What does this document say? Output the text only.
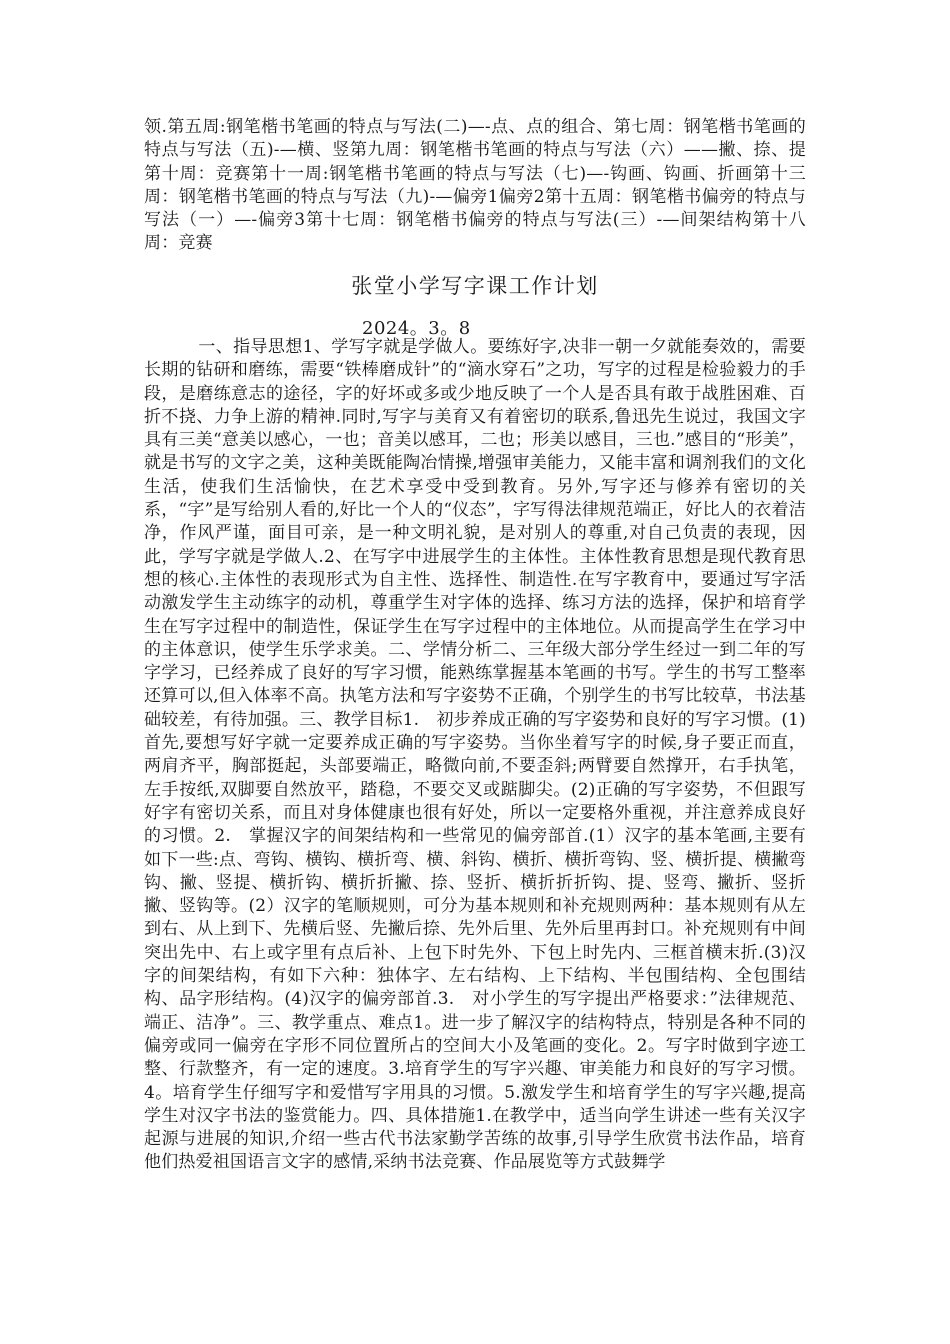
领.第五周:钢笔楷书笔画的特点与写法(二)—-点、点的组合、第七周：钢笔楷书笔画的特点与写法（五)-—横、竖第九周：钢笔楷书笔画的特点与写法（六）——撇、捺、提第十周：竞赛第十一周:钢笔楷书笔画的特点与写法（七)—-钩画、钩画、折画第十三周：钢笔楷书笔画的特点与写法（九)-—偏旁1偏旁2第十五周：钢笔楷书偏旁的特点与写法（一）—-偏旁3第十七周：钢笔楷书偏旁的特点与写法(三）-—间架结构第十八周：竞赛

张堂小学写字课工作计划

2024。3。8

一、指导思想1、学写字就是学做人。要练好字,决非一朝一夕就能奏效的，需要长期的钻研和磨练，需要“铁棒磨成针”的“滴水穿石”之功，写字的过程是检验毅力的手段，是磨练意志的途径，字的好坏或多或少地反映了一个人是否具有敢于战胜困难、百折不挠、力争上游的精神.同时,写字与美育又有着密切的联系,鲁迅先生说过，我国文字具有三美“意美以感心，一也；音美以感耳，二也；形美以感目，三也.”感目的“形美”，就是书写的文字之美，这种美既能陶冶情操,增强审美能力，又能丰富和调剂我们的文化生活，使我们生活愉快，在艺术享受中受到教育。另外,写字还与修养有密切的关系，“字”是写给别人看的,好比一个人的“仪态”，字写得法律规范端正，好比人的衣着洁净，作风严谨，面目可亲，是一种文明礼貌，是对别人的尊重,对自己负责的表现，因此，学写字就是学做人.2、在写字中进展学生的主体性。主体性教育思想是现代教育思想的核心.主体性的表现形式为自主性、选择性、制造性.在写字教育中，要通过写字活动激发学生主动练字的动机，尊重学生对字体的选择、练习方法的选择，保护和培育学生在写字过程中的制造性，保证学生在写字过程中的主体地位。从而提高学生在学习中的主体意识，使学生乐学求美。二、学情分析二、三年级大部分学生经过一到二年的写字学习，已经养成了良好的写字习惯，能熟练掌握基本笔画的书写。学生的书写工整率还算可以,但入体率不高。执笔方法和写字姿势不正确，个别学生的书写比较草，书法基础较差，有待加强。三、教学目标1.　初步养成正确的写字姿势和良好的写字习惯。(1)首先,要想写好字就一定要养成正确的写字姿势。当你坐着写字的时候,身子要正而直，两肩齐平，胸部挺起，头部要端正，略微向前,不要歪斜;两臂要自然撑开，右手执笔，左手按纸,双脚要自然放平，踏稳，不要交叉或踮脚尖。(2)正确的写字姿势，不但跟写好字有密切关系，而且对身体健康也很有好处，所以一定要格外重视，并注意养成良好的习惯。2.　掌握汉字的间架结构和一些常见的偏旁部首.(1）汉字的基本笔画,主要有如下一些:点、弯钩、横钩、横折弯、横、斜钩、横折、横折弯钩、竖、横折提、横撇弯钩、撇、竖提、横折钩、横折折撇、捺、竖折、横折折折钩、提、竖弯、撇折、竖折撇、竖钩等。(2）汉字的笔顺规则，可分为基本规则和补充规则两种：基本规则有从左到右、从上到下、先横后竖、先撇后捺、先外后里、先外后里再封口。补充规则有中间突出先中、右上或字里有点后补、上包下时先外、下包上时先内、三框首横末折.(3)汉字的间架结构，有如下六种：独体字、左右结构、上下结构、半包围结构、全包围结构、品字形结构。(4)汉字的偏旁部首.3.　对小学生的写字提出严格要求：”法律规范、端正、洁净”。三、教学重点、难点1。进一步了解汉字的结构特点，特别是各种不同的偏旁或同一偏旁在字形不同位置所占的空间大小及笔画的变化。2。写字时做到字迹工整、行款整齐，有一定的速度。3.培育学生的写字兴趣、审美能力和良好的写字习惯。4。培育学生仔细写字和爱惜写字用具的习惯。5.激发学生和培育学生的写字兴趣,提高学生对汉字书法的鉴赏能力。四、具体措施1.在教学中，适当向学生讲述一些有关汉字起源与进展的知识,介绍一些古代书法家勤学苦练的故事,引导学生欣赏书法作品，培育他们热爱祖国语言文字的感情,采纳书法竞赛、作品展览等方式鼓舞学
